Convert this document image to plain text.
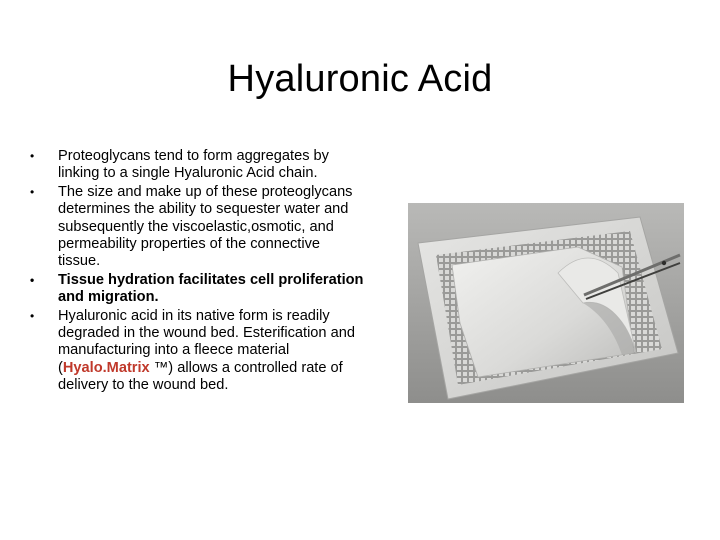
Hyaluronic Acid
• Proteoglycans tend to form aggregates by linking to a single Hyaluronic Acid chain.
• The size and make up of these proteoglycans determines the ability to sequester water and subsequently the viscoelastic,osmotic, and permeability properties of the connective tissue.
• Tissue hydration facilitates cell proliferation and migration.
• Hyaluronic acid in its native form is readily degraded in the wound bed. Esterification and manufacturing into a fleece material (Hyalo.Matrix ™) allows a controlled rate of delivery to the wound bed.
